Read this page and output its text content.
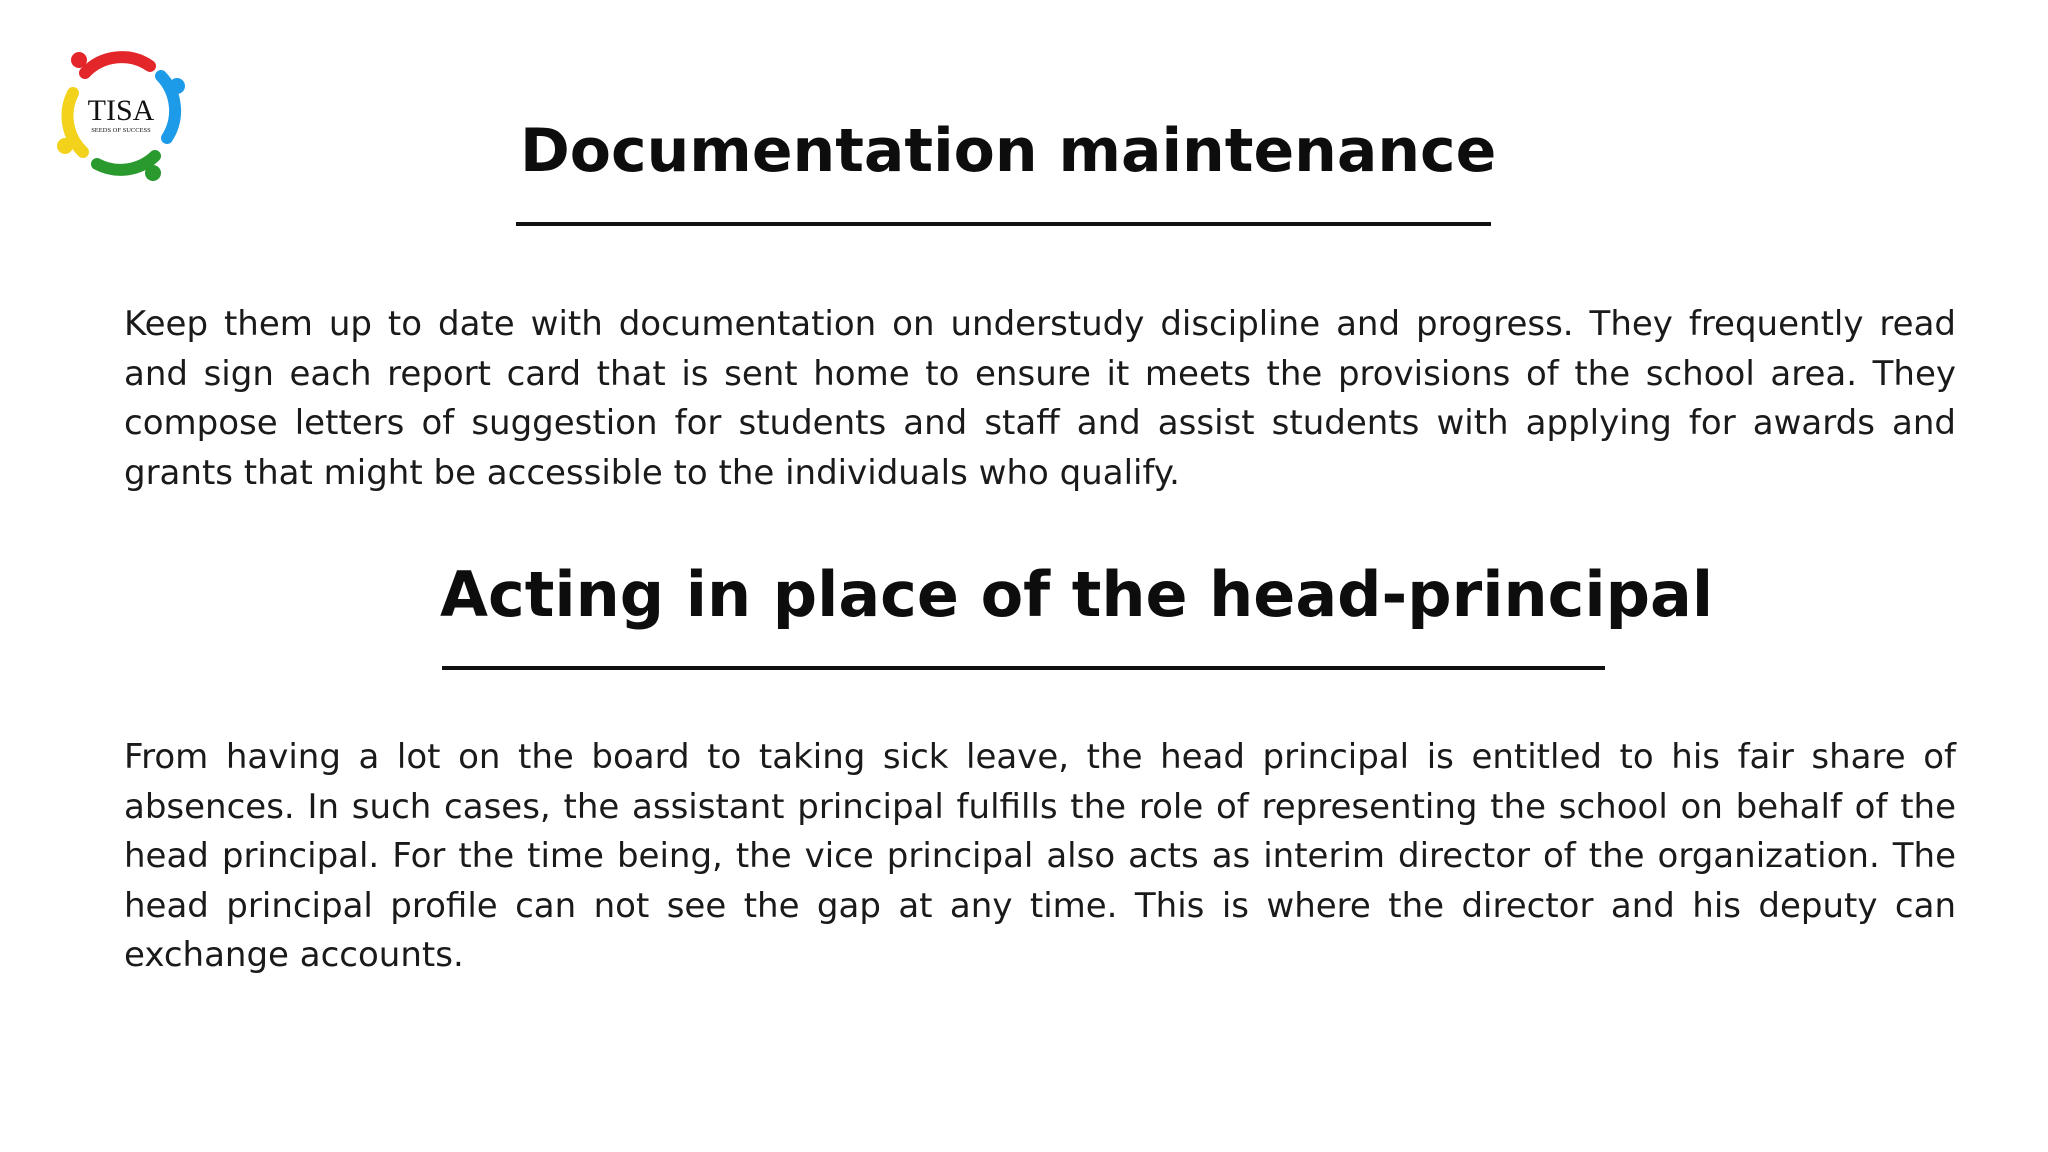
TISA
SEEDS OF SUCCESS	Documentation maintenance

Keep them up to date with documentation on understudy discipline and progress. They frequently read and sign each report card that is sent home to ensure it meets the provisions of the school area. They compose letters of suggestion for students and staff and assist students with applying for awards and grants that might be accessible to the individuals who qualify.

Acting in place of the head-principal

From having a lot on the board to taking sick leave, the head principal is entitled to his fair share of absences. In such cases, the assistant principal fulfills the role of representing the school on behalf of the head principal. For the time being, the vice principal also acts as interim director of the organization. The head principal profile can not see the gap at any time. This is where the director and his deputy can exchange accounts.
